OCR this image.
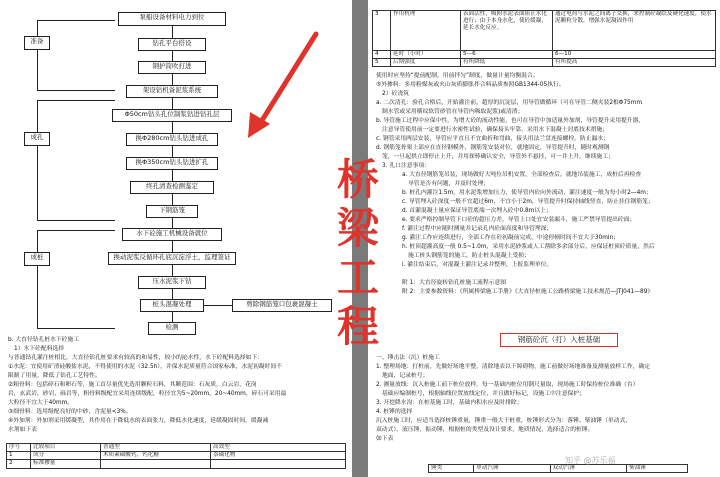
准备
成孔
成桩
泵船设备材料电力到位
钻孔平台搭设
钢护筒吹打进
架设钻机备泥浆系统
Φ50cm钻头孔位制浆钻进钻孔层
换Φ280cm钻头钻进成孔
换Φ350cm钻头钻进扩孔
终孔清查检测鉴定
下钢筋笼
水下砼施工机械设备就位
换动泥浆反循环孔底沉淀浮土，监理签证
压水泥浆下钻
桩头混凝处理	剪除钢筋笼口包裹混凝土
检测
b. 大直径钻孔桩水下砼施工
1）水下砼配料选择
与普通钻孔灌注桩相比，大直径钻孔桩要求有较高的和易性，较小的泌水性，水下砼配料选择如下：
①水泥：宜使用矿渣硅酸盐水泥，不得使用的水泥（32.5h），并保水泥质量符合国家标准，水泥初凝时间不
限制了用量，降低了钻孔工艺特性。
②粗骨料：包括碎石和卵石等，施工首尽量优先选用颗粒石料，其颗范围：石灰质，白云岩，花岗
岩，玄武岩，砂岩，砾岩等，粗骨料级配宜采用连续级配，粒径宜为5~20mm，20~40mm，碎石可采用最
大粒径不宜大于40mm。
③细骨料：选用级配良好的中砂，含泥量<3%。
④外加剂：外加剂采用缓凝型，其作用在于降低水的表面张力，降低水化速度，延缓凝固时间，缓凝减
水剂如下表
序号	比较项目	普通型	高效型
1	成分	木质素磺酸钙，钙化糖	萘磺化物
2	标准掺量		
3	作用机理	表面活性，吸附水泥表面阻止水化进行；由于本身水化，使砼缓凝，延长水化反应。	通过电荷与水泥之间离子交换，来控制砼凝结及硬化速度，使水泥颗粒分散，增强水泥凝固作用
4	延时（小时）	5—6	6—10
5	后期强度	有所降低	有所提高
使用时应坚持“提前配制，用前拌匀”制度，做量计量均衡混合。
⑤外掺料：多用粉煤灰或火山灰质膨胀拌合料品质参照GB1344-05执行。
2）砼浇筑
a. 二次清孔：验孔合格后，开始灌注前，超厚的沉淀层，用导管做循环（可在导管二侧夹装2根Φ75mm
制水管或采用横纹软管砂管在导管内吸取泥浆)或清渣；
b. 导管施工过程中应保中性，为增大砼的流动性能，也可在导管中加适量外加剂，导管提升采用提升器，
注意导管使用前一定要进行水密性试验，确保接头牢靠，采用水下混凝土封底技术措施；
c. 钢管采用两层安装，导管应平直且不宜曲折和弯曲，接头用法兰盘连接螺栓，防止漏水；
d. 钢筋笼骨架上部应在直径钢模外，钢筋笼安装对位，就地固定，导管提升时，随时观测钢
笼，一旦起拱立即停止上升，并用探棒确认安全，导管外不悬挂，可一并上升，继续施工；
3. 孔口注意事项：
a. 大直径钢筋笼吊装，现场做好大吨位吊机安置，全部检查后，就地吊装施工，成桩后再检查
导管是否有问题，并及时处理；
b. 桩孔内灌注1.5m，用水泥浆增加压力，使导管内砼向外流动，灌注速度一般为每小时2—4m；
c. 导管埋入砼深度一般不宜超过6m，不宜小于2m，导管提升时保持轴线竖直，防止挂住钢筋笼；
d. 首灌混凝土量应保证导管底端一次埋入砼中0.8m以上；
e. 要求严格控制导管下口砼的超压力差，导管上口处宜安装漏斗，施工严禁导管提出砼面；
f. 灌注过程中应随时测量并记录孔内砼面高度和导管埋深；
g. 灌注工作应连续进行，全部工作在砼初凝前完成，中途停顿时间不宜大于30min；
h. 桩顶超灌高度一般 0.5~1.0m，采用水泥砂浆或人工凿除多余部分后，应保证桩顶砼质量，然后
施工桩头钢筋笼的施工，防止桩头混凝土受损；
i. 灌注结束后，对混凝土灌注记录并整理，上报监理单位。
附 1：大直径旋转钻孔桩施工流程示意图
附 2：主要参数资料：《所属桥梁施工手册》《大直径桩施工公路桥梁施工技术规范—JTJ041—89》
钢筋砼沉（打）入桩基础
一、锤击法（沉）桩施工
1. 整理场地：打桩前，先做好场地平整，清除地表以下障碍物，施工前做好场地准备及测量放样工作，确定
地面，记录桩号；
2. 测量放线：沉入桩施工前下桩位放样，每一基础内桩位用钢尺量取，现场施工时保持桩位准确（台）
基础应编制桩号，根据轴线位置放线定位，并且做好标记，设施工中注意保护；
3. 开挖降水沟：在桩基施工时，基础内积水应及时排除；
4. 桩锤的选择
沉入桩施工时，应适当选择桩锤重量，锤重一般大于桩重，桩锤形式分为：落锤、柴油锤（单动式、
双动式），液压锤，振动锤，根据桩的类型及设计要求，地质情况，选择适合的桩锤。
如下表
锤类	单动汽锤	双动汽锤	柴油锤
桥梁工程
知乎 @苏乐福
